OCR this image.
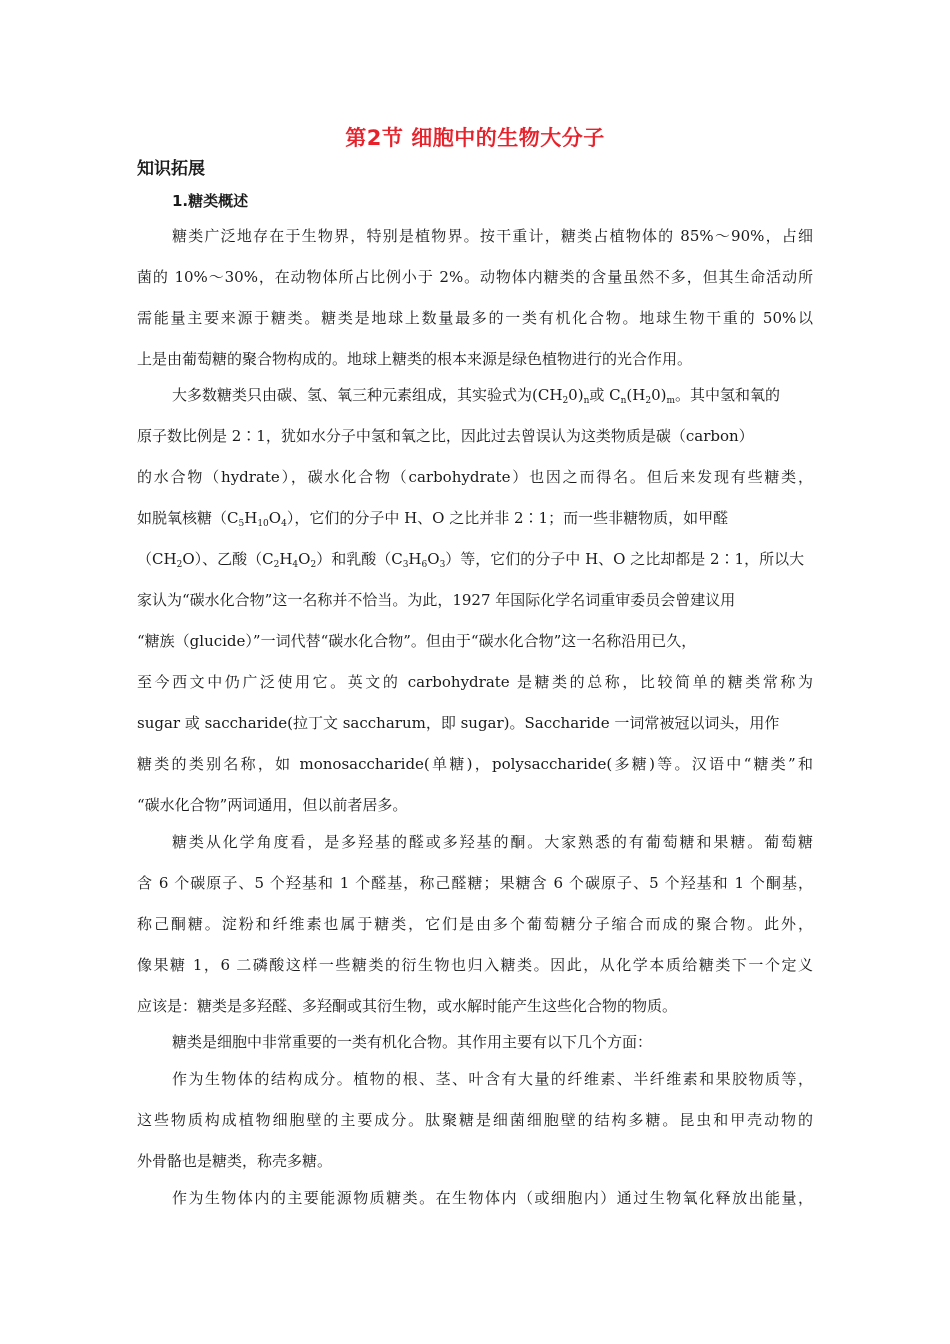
第2节 细胞中的生物大分子
知识拓展
1.糖类概述
糖类广泛地存在于生物界，特别是植物界。按干重计，糖类占植物体的 85%～90%，占细
菌的 10%～30%，在动物体所占比例小于 2%。动物体内糖类的含量虽然不多，但其生命活动所
需能量主要来源于糖类。糖类是地球上数量最多的一类有机化合物。地球生物干重的 50%以
上是由葡萄糖的聚合物构成的。地球上糖类的根本来源是绿色植物进行的光合作用。
大多数糖类只由碳、氢、氧三种元素组成，其实验式为$(CH_20)_n$或 $C_n(H_20)_m$。其中氢和氧的
原子数比例是 2∶1，犹如水分子中氢和氧之比，因此过去曾误认为这类物质是碳（carbon）
的水合物（hydrate），碳水化合物（carbohydrate）也因之而得名。但后来发现有些糖类，
如脱氧核糖$(C_5H_{10}O_4)$，它们的分子中 H、O 之比并非 2∶1；而一些非糖物质，如甲醛
$(CH_2O)$、乙酸$(C_2H_4O_2)$和乳酸$(C_3H_6O_3)$等，它们的分子中 H、O 之比却都是 2∶1，所以大
家认为“碳水化合物”这一名称并不恰当。为此，1927 年国际化学名词重审委员会曾建议用
“糖族（glucide）”一词代替“碳水化合物”。但由于“碳水化合物”这一名称沿用已久，
至今西文中仍广泛使用它。英文的 carbohydrate 是糖类的总称，比较简单的糖类常称为
sugar 或 saccharide(拉丁文 saccharum，即 sugar)。Saccharide 一词常被冠以词头，用作
糖类的类别名称，如 monosaccharide(单糖)，polysaccharide(多糖)等。汉语中“糖类”和
“碳水化合物”两词通用，但以前者居多。
糖类从化学角度看，是多羟基的醛或多羟基的酮。大家熟悉的有葡萄糖和果糖。葡萄糖
含 6 个碳原子、5 个羟基和 1 个醛基，称己醛糖；果糖含 6 个碳原子、5 个羟基和 1 个酮基，
称己酮糖。淀粉和纤维素也属于糖类，它们是由多个葡萄糖分子缩合而成的聚合物。此外，
像果糖 1，6 二磷酸这样一些糖类的衍生物也归入糖类。因此，从化学本质给糖类下一个定义
应该是：糖类是多羟醛、多羟酮或其衍生物，或水解时能产生这些化合物的物质。
糖类是细胞中非常重要的一类有机化合物。其作用主要有以下几个方面：
作为生物体的结构成分。植物的根、茎、叶含有大量的纤维素、半纤维素和果胶物质等，
这些物质构成植物细胞壁的主要成分。肽聚糖是细菌细胞壁的结构多糖。昆虫和甲壳动物的
外骨骼也是糖类，称壳多糖。
作为生物体内的主要能源物质糖类。在生物体内（或细胞内）通过生物氧化释放出能量，
